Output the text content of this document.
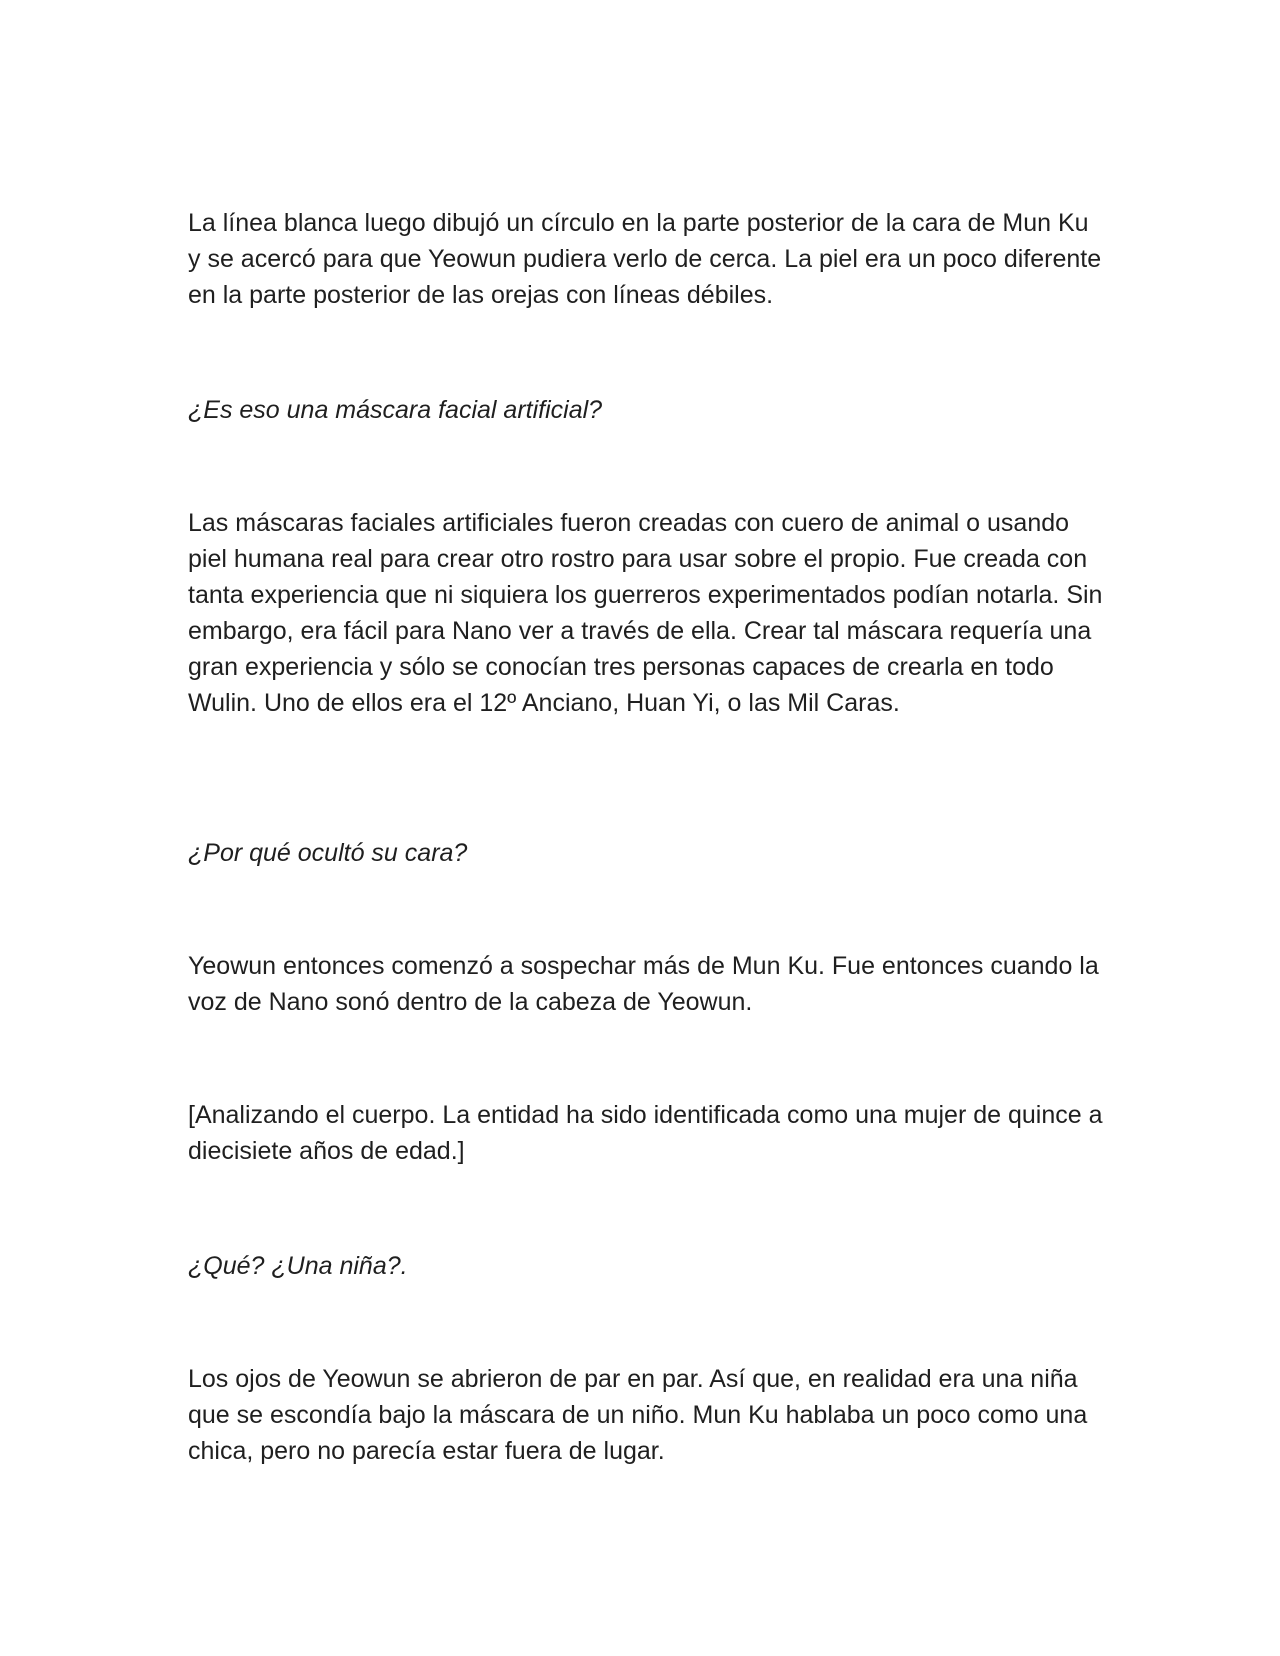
La línea blanca luego dibujó un círculo en la parte posterior de la cara de Mun Ku y se acercó para que Yeowun pudiera verlo de cerca. La piel era un poco diferente en la parte posterior de las orejas con líneas débiles.

¿Es eso una máscara facial artificial?

Las máscaras faciales artificiales fueron creadas con cuero de animal o usando piel humana real para crear otro rostro para usar sobre el propio. Fue creada con tanta experiencia que ni siquiera los guerreros experimentados podían notarla. Sin embargo, era fácil para Nano ver a través de ella. Crear tal máscara requería una gran experiencia y sólo se conocían tres personas capaces de crearla en todo Wulin. Uno de ellos era el 12º Anciano, Huan Yi, o las Mil Caras.

¿Por qué ocultó su cara?

Yeowun entonces comenzó a sospechar más de Mun Ku. Fue entonces cuando la voz de Nano sonó dentro de la cabeza de Yeowun.

[Analizando el cuerpo. La entidad ha sido identificada como una mujer de quince a diecisiete años de edad.]

¿Qué? ¿Una niña?.

Los ojos de Yeowun se abrieron de par en par. Así que, en realidad era una niña que se escondía bajo la máscara de un niño. Mun Ku hablaba un poco como una chica, pero no parecía estar fuera de lugar.
